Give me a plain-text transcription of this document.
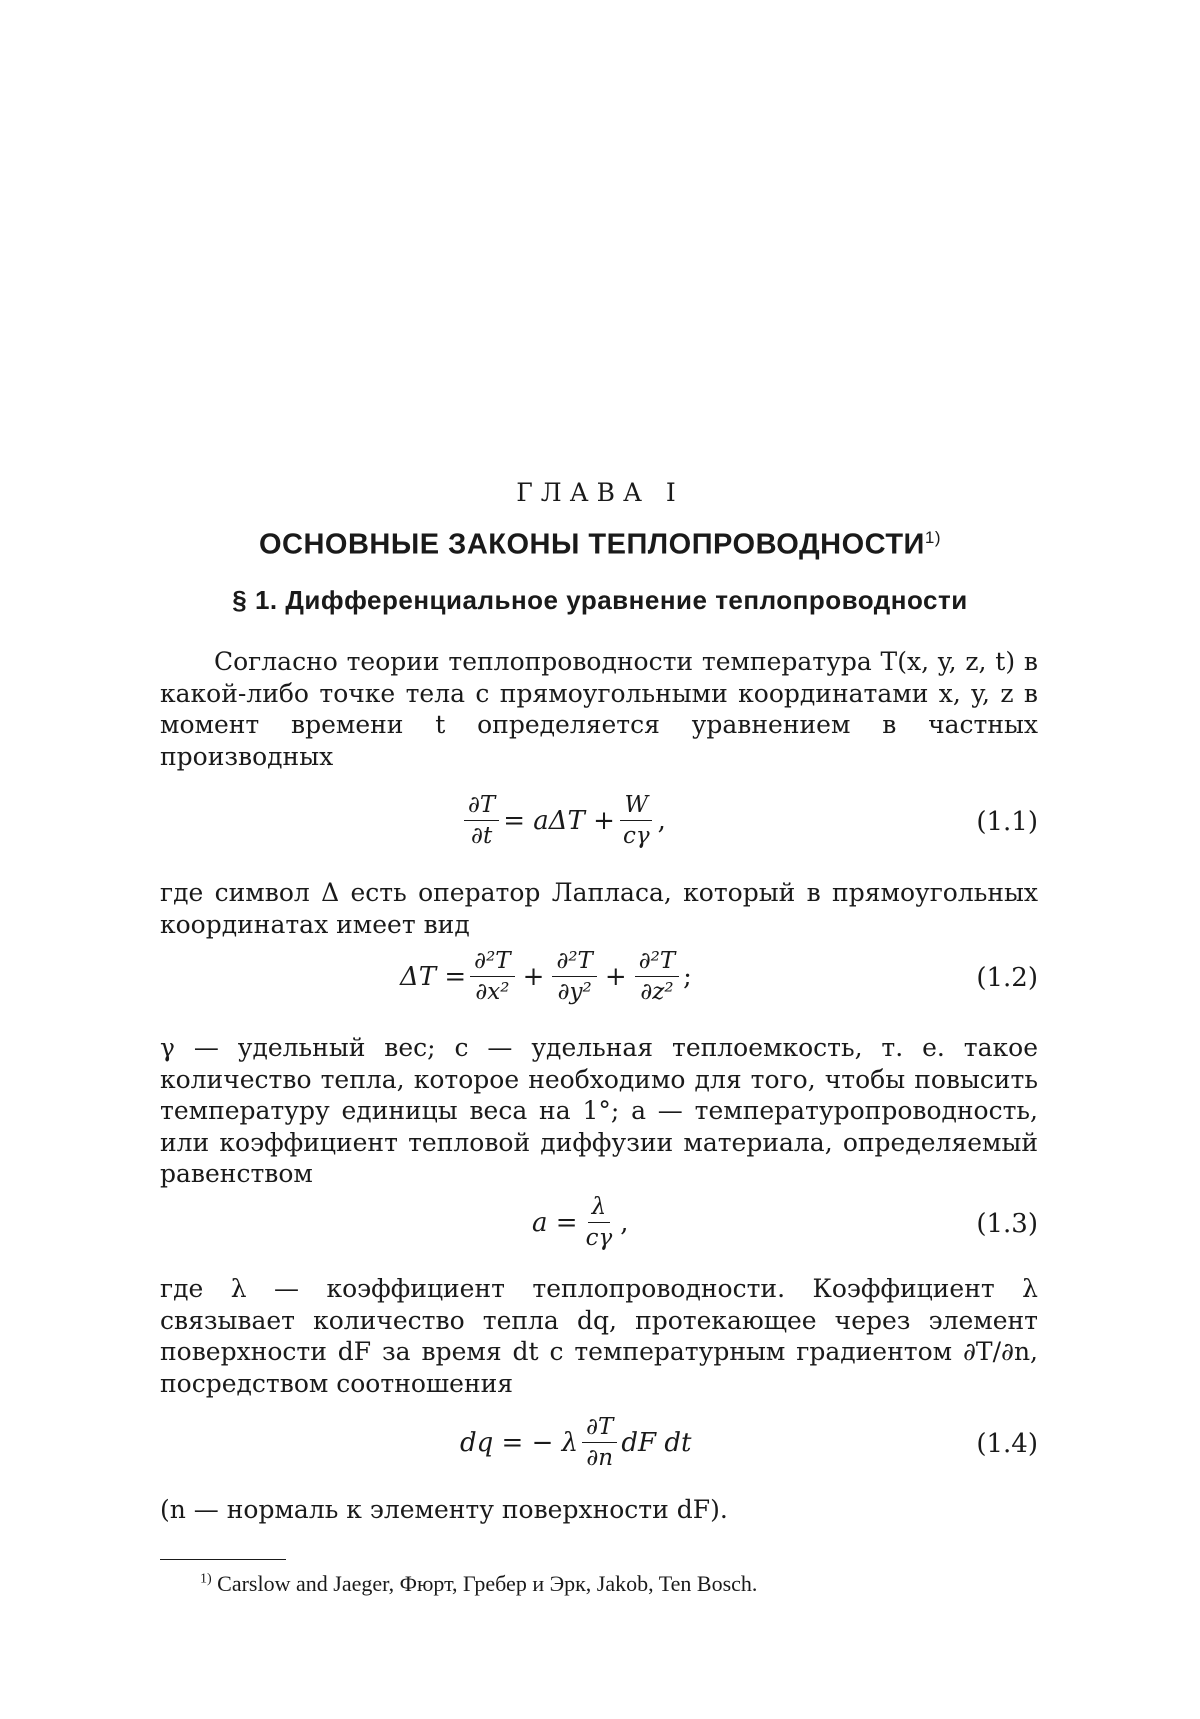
ГЛАВА I
ОСНОВНЫЕ ЗАКОНЫ ТЕПЛОПРОВОДНОСТИ$^{1)}$
§ 1. Дифференциальное уравнение теплопроводности
Согласно теории теплопроводности температура T(x, y, z, t) в какой-либо точке тела с прямоугольными координатами x, y, z в момент времени t определяется уравнением в частных производных
$\frac{\partial T}{\partial t} = a\Delta T + \frac{W}{c\gamma}$ ,	(1.1)
где символ Δ есть оператор Лапласа, который в прямоугольных координатах имеет вид
$\Delta T = \frac{\text{∂²T}}{\text{∂x²}} + \frac{\text{∂²T}}{\text{∂y²}} + \frac{\text{∂²T}}{\text{∂z²}}$ ;	(1.2)
γ — удельный вес; c — удельная теплоемкость, т. е. такое количество тепла, которое необходимо для того, чтобы повысить температуру единицы веса на 1°; a — температуропроводность, или коэффициент тепловой диффузии материала, определяемый равенством
$a = \frac{\lambda}{c\gamma}$ ,	(1.3)
где λ — коэффициент теплопроводности. Коэффициент λ связывает количество тепла dq, протекающее через элемент поверхности dF за время dt с температурным градиентом ∂T/∂n, посредством соотношения
dq = − λ $\frac{\partial T}{\partial n}$ dF dt	(1.4)
(n — нормаль к элементу поверхности dF).
$^{1)}$ Carslow and Jaeger, Фюрт, Гребер и Эрк, Jakob, Ten Bosch.
